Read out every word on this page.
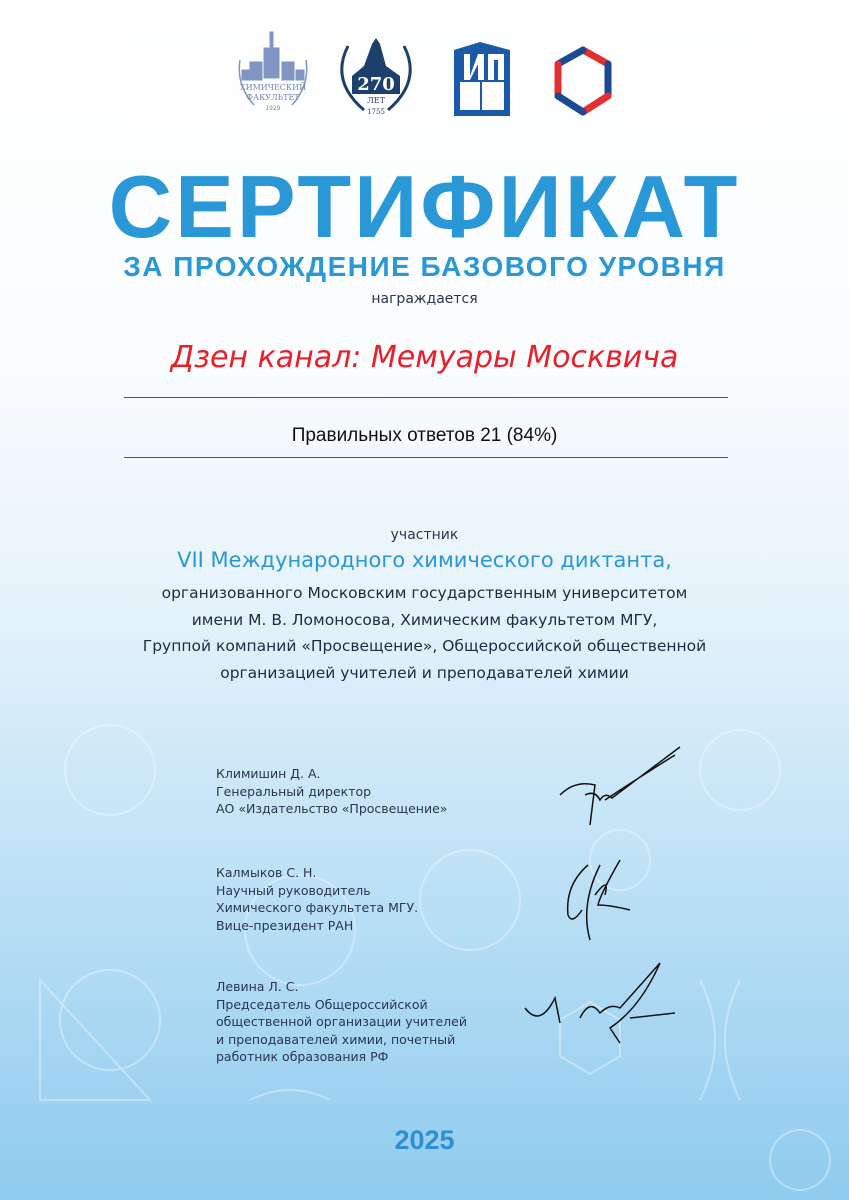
ХИМИЧЕСКИЙ
ФАКУЛЬТЕТ
1929
270
ЛЕТ
1755
СЕРТИФИКАТ
ЗА ПРОХОЖДЕНИЕ БАЗОВОГО УРОВНЯ
награждается
Дзен канал: Мемуары Москвича
Правильных ответов 21 (84%)
участник
VII Международного химического диктанта,
организованного Московским государственным университетом
имени М. В. Ломоносова, Химическим факультетом МГУ,
Группой компаний «Просвещение», Общероссийской общественной
организацией учителей и преподавателей химии
Климишин Д. А.
Генеральный директор
АО «Издательство «Просвещение»
Калмыков С. Н.
Научный руководитель
Химического факультета МГУ.
Вице-президент РАН
Левина Л. С.
Председатель Общероссийской
общественной организации учителей
и преподавателей химии, почетный
работник образования РФ
2025
